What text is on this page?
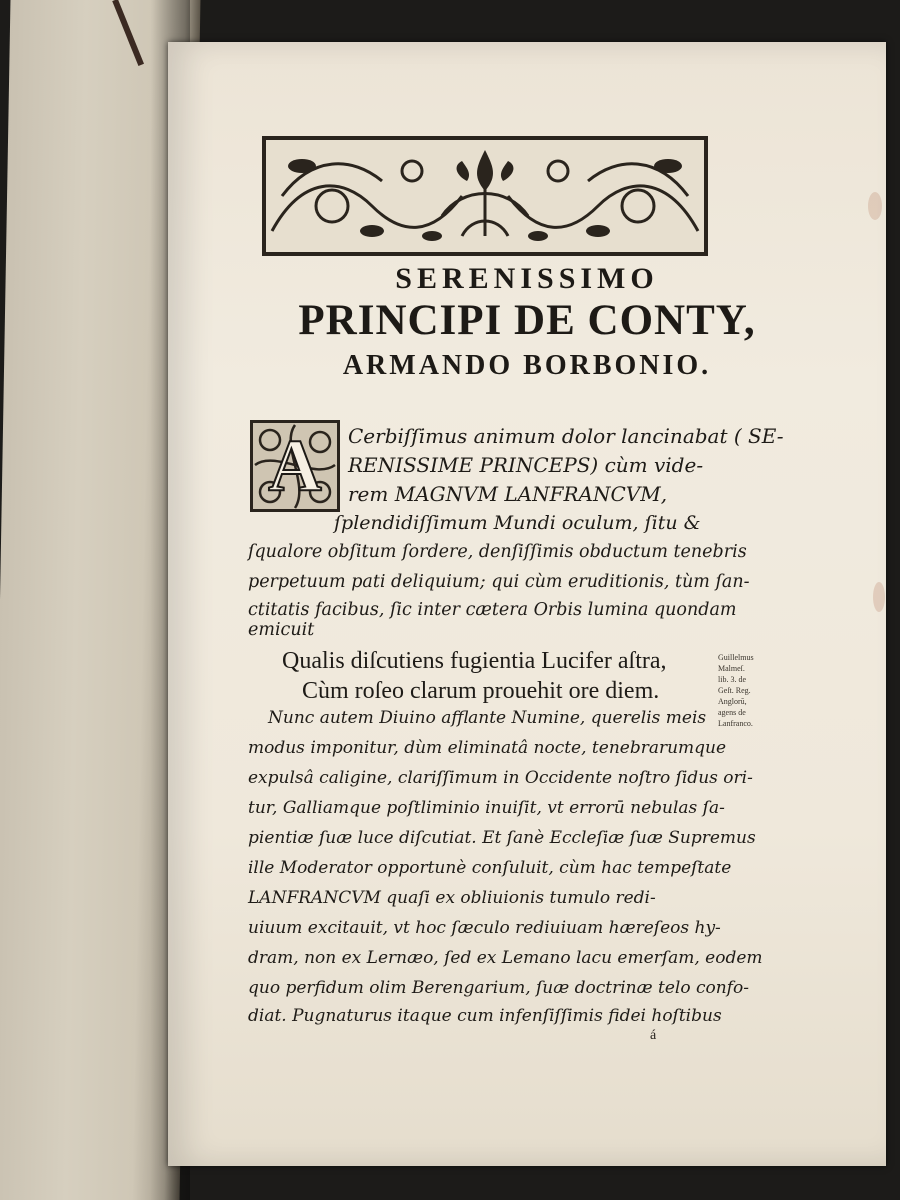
SERENISSIMO
PRINCIPI DE CONTY,
ARMANDO BORBONIO.
A	Cerbiſſimus animum dolor lancinabat ( SE-

RENISSIME PRINCEPS) cùm vide-

rem MAGNVM LANFRANCVM,

ſplendidiſſimum Mundi oculum, ſitu &

ſqualore obſitum ſordere, denſiſſimis obductum tenebris

perpetuum pati deliquium; qui cùm eruditionis, tùm ſan-

ctitatis facibus, ſic inter cætera Orbis lumina quondam

emicuit

Qualis diſcutiens fugientia Lucifer aſtra,

Cùm roſeo clarum prouehit ore diem.

Guillelmus
Malmeſ.
lib. 3. de
Geſt. Reg.
Anglorū,
agens de
Lanfranco.

Nunc autem Diuino afflante Numine, querelis meis

modus imponitur, dùm eliminatâ nocte, tenebrarumque

expulsâ caligine, clariſſimum in Occidente noſtro ſidus ori-

tur, Galliamque poſtliminio inuiſit, vt errorū nebulas ſa-

pientiæ ſuæ luce diſcutiat. Et ſanè Eccleſiæ ſuæ Supremus

ille Moderator opportunè conſuluit, cùm hac tempeſtate

LANFRANCVM quaſi ex obliuionis tumulo redi-

uiuum excitauit, vt hoc ſæculo rediuiuam hæreſeos hy-

dram, non ex Lernæo, ſed ex Lemano lacu emerſam, eodem

quo perfidum olim Berengarium, ſuæ doctrinæ telo confo-

diat. Pugnaturus itaque cum infenſiſſimis fidei hoſtibus

á
